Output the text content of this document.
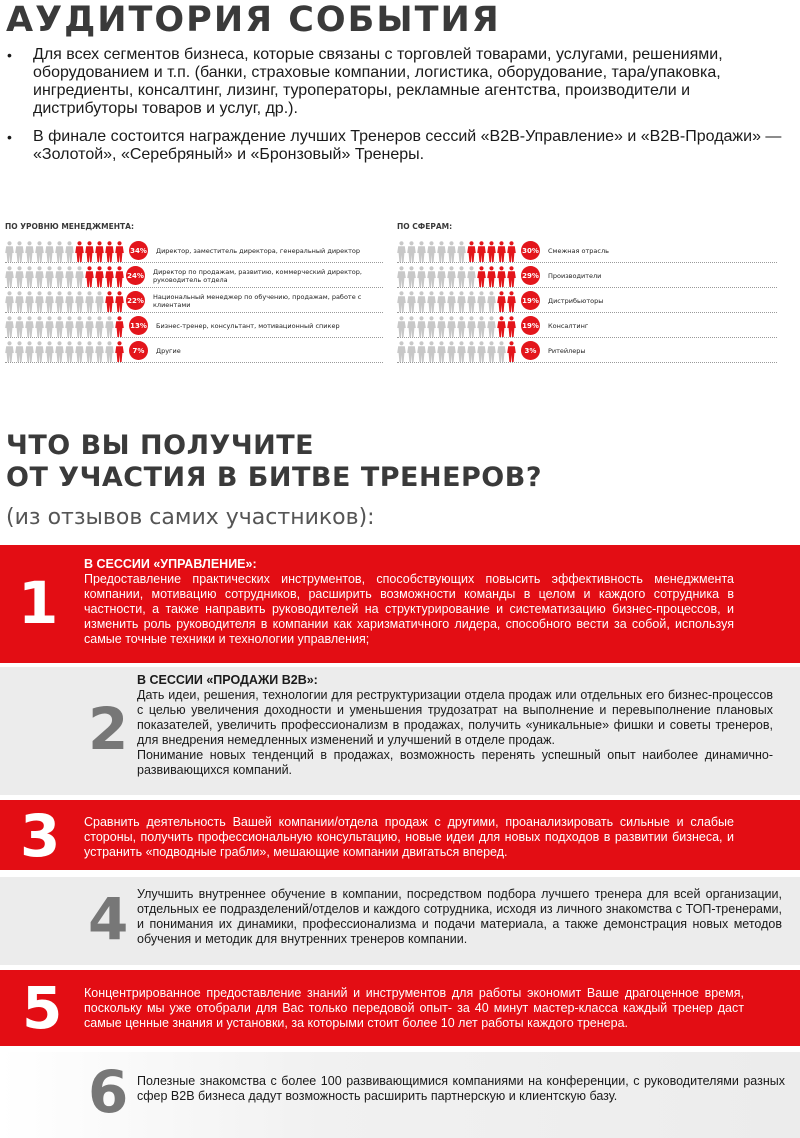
АУДИТОРИЯ СОБЫТИЯ
• Для всех сегментов бизнеса, которые связаны с торговлей товарами, услугами, решениями, оборудованием и т.п. (банки, страховые компании, логистика, оборудование, тара/упаковка, ингредиенты, консалтинг, лизинг, туроператоры, рекламные агентства, производители и дистрибуторы товаров и услуг, др.).
• В финале состоится награждение лучших Тренеров сессий «B2B-Управление» и «B2B-Продажи» — «Золотой», «Серебряный» и «Бронзовый» Тренеры.
ПО УРОВНЮ МЕНЕДЖМЕНТА:
34% Директор, заместитель директора, генеральный директор
24% Директор по продажам, развитию, коммерческий директор, руководитель отдела
22% Национальный менеджер по обучению, продажам, работе с клиентами
13% Бизнес-тренер, консультант, мотивационный спикер
7%	Другие
ПО СФЕРАМ:
30% Смежная отрасль
29% Производители
19% Дистрибьюторы
19% Консалтинг
3%	Ритейлеры
ЧТО ВЫ ПОЛУЧИТЕ
ОТ УЧАСТИЯ В БИТВЕ ТРЕНЕРОВ?
(из отзывов самих участников):
1
В СЕССИИ «УПРАВЛЕНИЕ»:

Предоставление практических инструментов, способствующих повысить эффективность менеджмента компании, мотивацию сотрудников, расширить возможности команды в целом и каждого сотрудника в частности, а также направить руководителей на структурирование и систематизацию бизнес-процессов, и изменить роль руководителя в компании как харизматичного лидера, способного вести за собой, используя самые точные техники и технологии управления;

2
В СЕССИИ «ПРОДАЖИ B2B»:

Дать идеи, решения, технологии для реструктуризации отдела продаж или отдельных его бизнес-процессов с целью увеличения доходности и уменьшения трудозатрат на выполнение и перевыполнение плановых показателей, увеличить профессионализм в продажах, получить «уникальные» фишки и советы тренеров, для внедрения немедленных изменений и улучшений в отделе продаж.

Понимание новых тенденций в продажах, возможность перенять успешный опыт наиболее динамично-развивающихся компаний.

3 Сравнить деятельность Вашей компании/отдела продаж с другими, проанализировать сильные и слабые стороны, получить профессиональную консультацию, новые идеи для новых подходов в развитии бизнеса, и устранить «подводные грабли», мешающие компании двигаться вперед.

4 Улучшить внутреннее обучение в компании, посредством подбора лучшего тренера для всей организации, отдельных ее подразделений/отделов и каждого сотрудника, исходя из личного знакомства с ТОП-тренерами, и понимания их динамики, профессионализма и подачи материала, а также демонстрация новых методов обучения и методик для внутренних тренеров компании.

5 Концентрированное предоставление знаний и инструментов для работы экономит Ваше драгоценное время, поскольку мы уже отобрали для Вас только передовой опыт- за 40 минут мастер-класса каждый тренер даст самые ценные знания и установки, за которыми стоит более 10 лет работы каждого тренера.

6 Полезные знакомства с более 100 развивающимися компаниями на конференции, с руководителями разных сфер B2B бизнеса дадут возможность расширить партнерскую и клиентскую базу.
